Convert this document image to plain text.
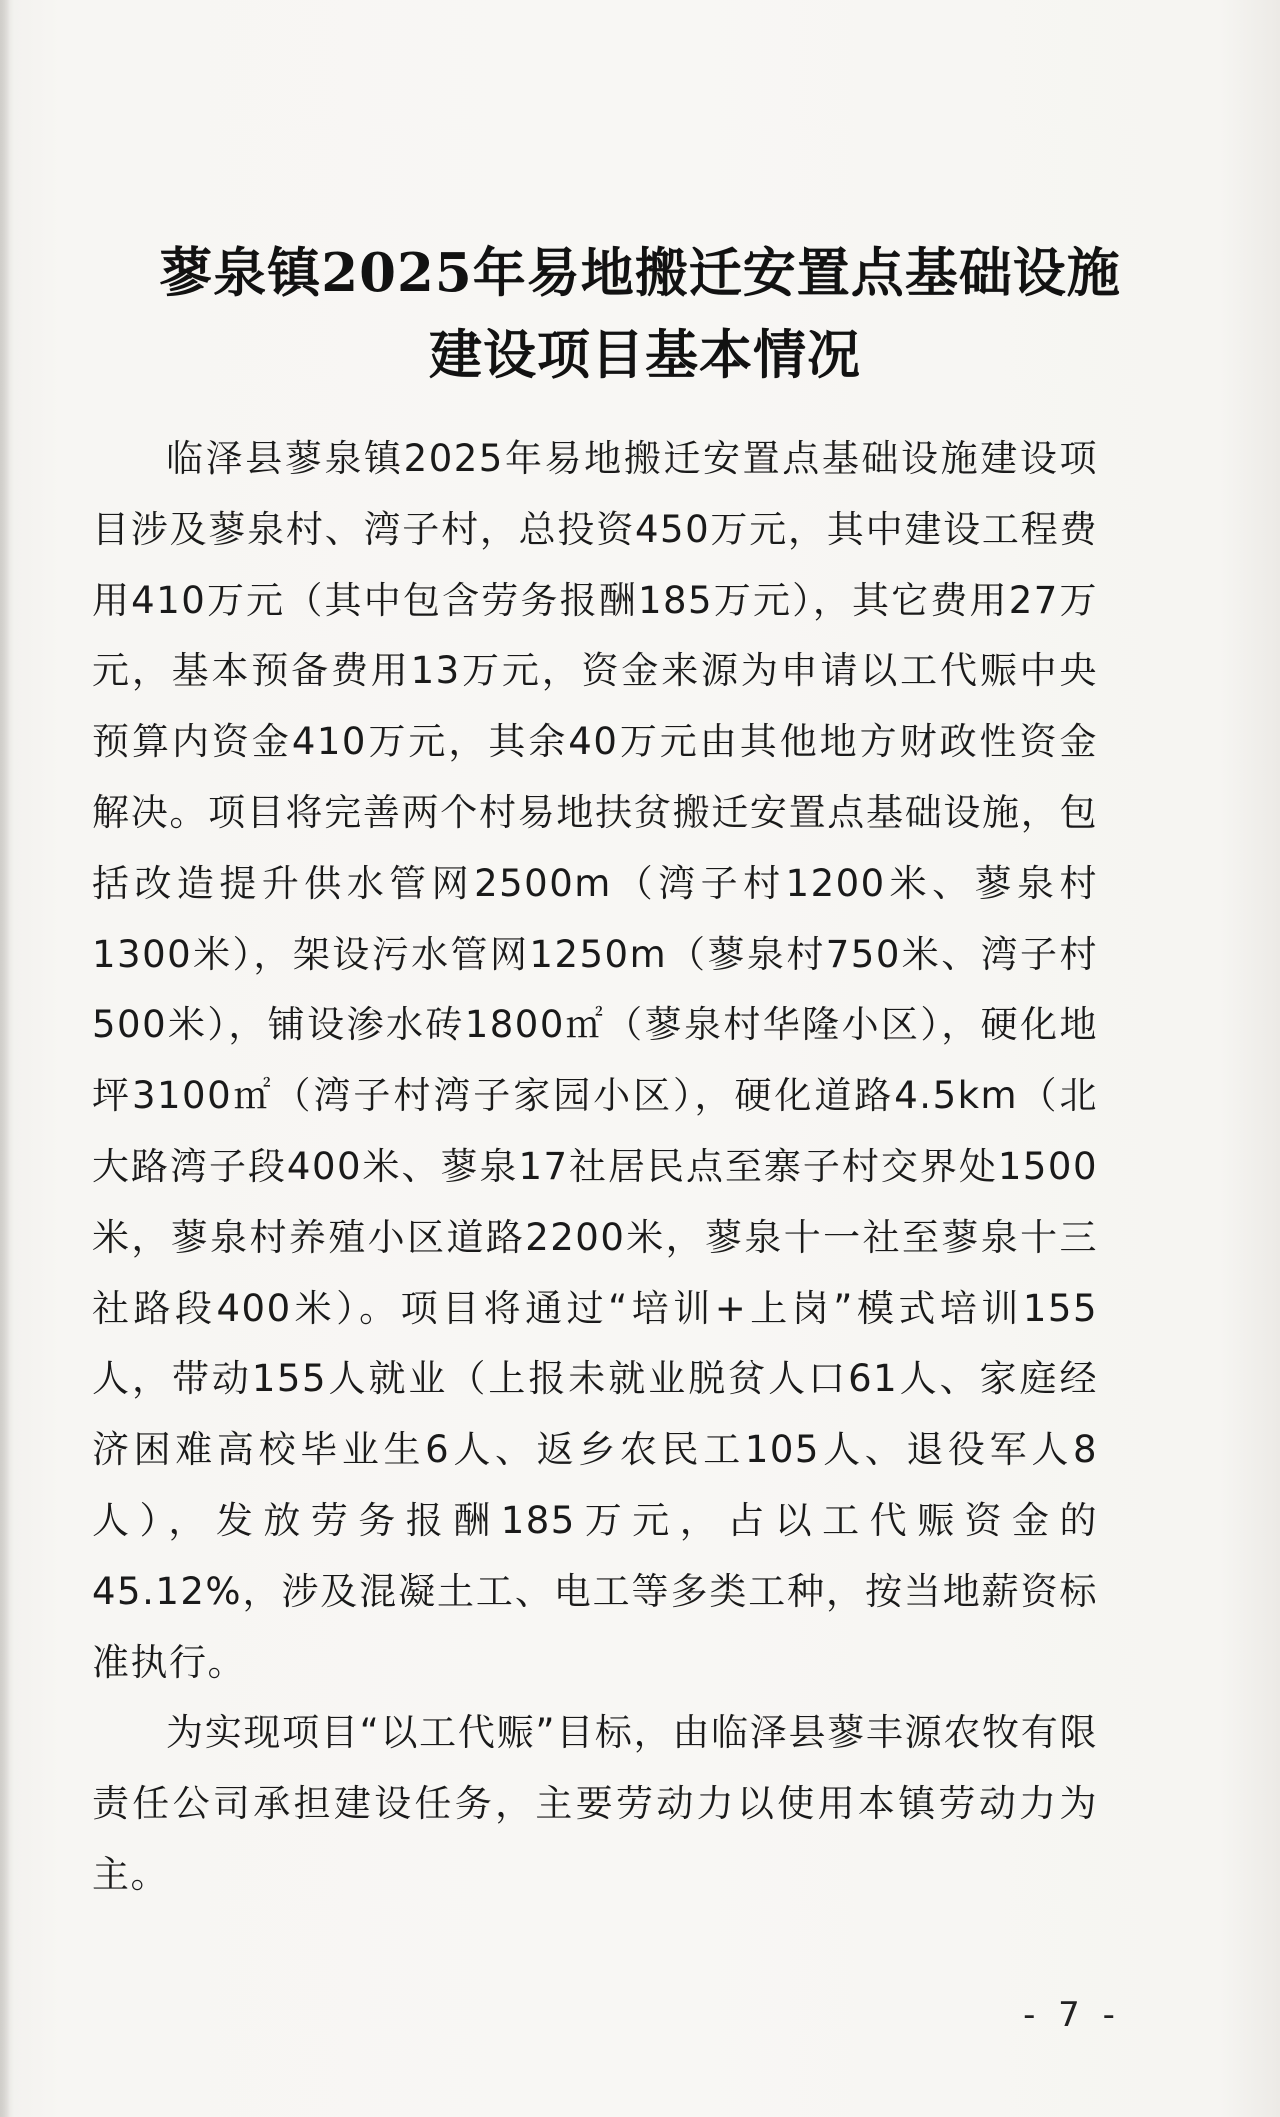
蓼泉镇2025年易地搬迁安置点基础设施
建设项目基本情况

临泽县蓼泉镇2025年易地搬迁安置点基础设施建设项目涉及蓼泉村、湾子村，总投资450万元，其中建设工程费用410万元（其中包含劳务报酬185万元），其它费用27万元，基本预备费用13万元，资金来源为申请以工代赈中央预算内资金410万元，其余40万元由其他地方财政性资金解决。项目将完善两个村易地扶贫搬迁安置点基础设施，包括改造提升供水管网2500m（湾子村1200米、蓼泉村1300米），架设污水管网1250m（蓼泉村750米、湾子村500米），铺设渗水砖1800㎡（蓼泉村华隆小区），硬化地坪3100㎡（湾子村湾子家园小区），硬化道路4.5km（北大路湾子段400米、蓼泉17社居民点至寨子村交界处1500米，蓼泉村养殖小区道路2200米，蓼泉十一社至蓼泉十三社路段400米）。项目将通过“培训+上岗”模式培训155人，带动155人就业（上报未就业脱贫人口61人、家庭经济困难高校毕业生6人、返乡农民工105人、退役军人8人），发放劳务报酬185万元，占以工代赈资金的45.12%，涉及混凝土工、电工等多类工种，按当地薪资标准执行。

为实现项目“以工代赈”目标，由临泽县蓼丰源农牧有限责任公司承担建设任务，主要劳动力以使用本镇劳动力为主。

- 7 -
